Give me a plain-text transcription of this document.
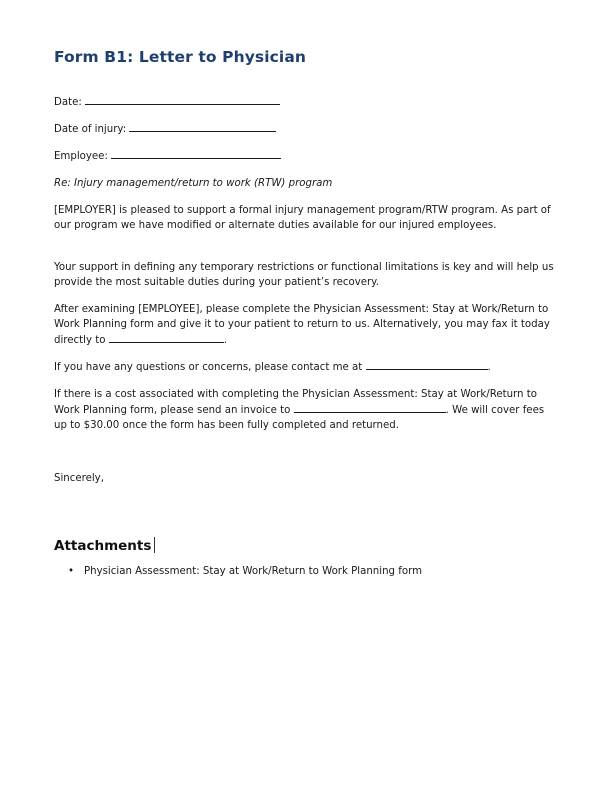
Form B1: Letter to Physician
Date:
Date of injury:
Employee:
Re: Injury management/return to work (RTW) program
[EMPLOYER] is pleased to support a formal injury management program/RTW program. As part of our program we have modified or alternate duties available for our injured employees.
Your support in defining any temporary restrictions or functional limitations is key and will help us provide the most suitable duties during your patient’s recovery.
After examining [EMPLOYEE], please complete the Physician Assessment: Stay at Work/Return to Work Planning form and give it to your patient to return to us. Alternatively, you may fax it today directly to	.
If you have any questions or concerns, please contact me at	.
If there is a cost associated with completing the Physician Assessment: Stay at Work/Return to Work Planning form, please send an invoice to	. We will cover fees up to $30.00 once the form has been fully completed and returned.
Sincerely,
Attachments
• Physician Assessment: Stay at Work/Return to Work Planning form
